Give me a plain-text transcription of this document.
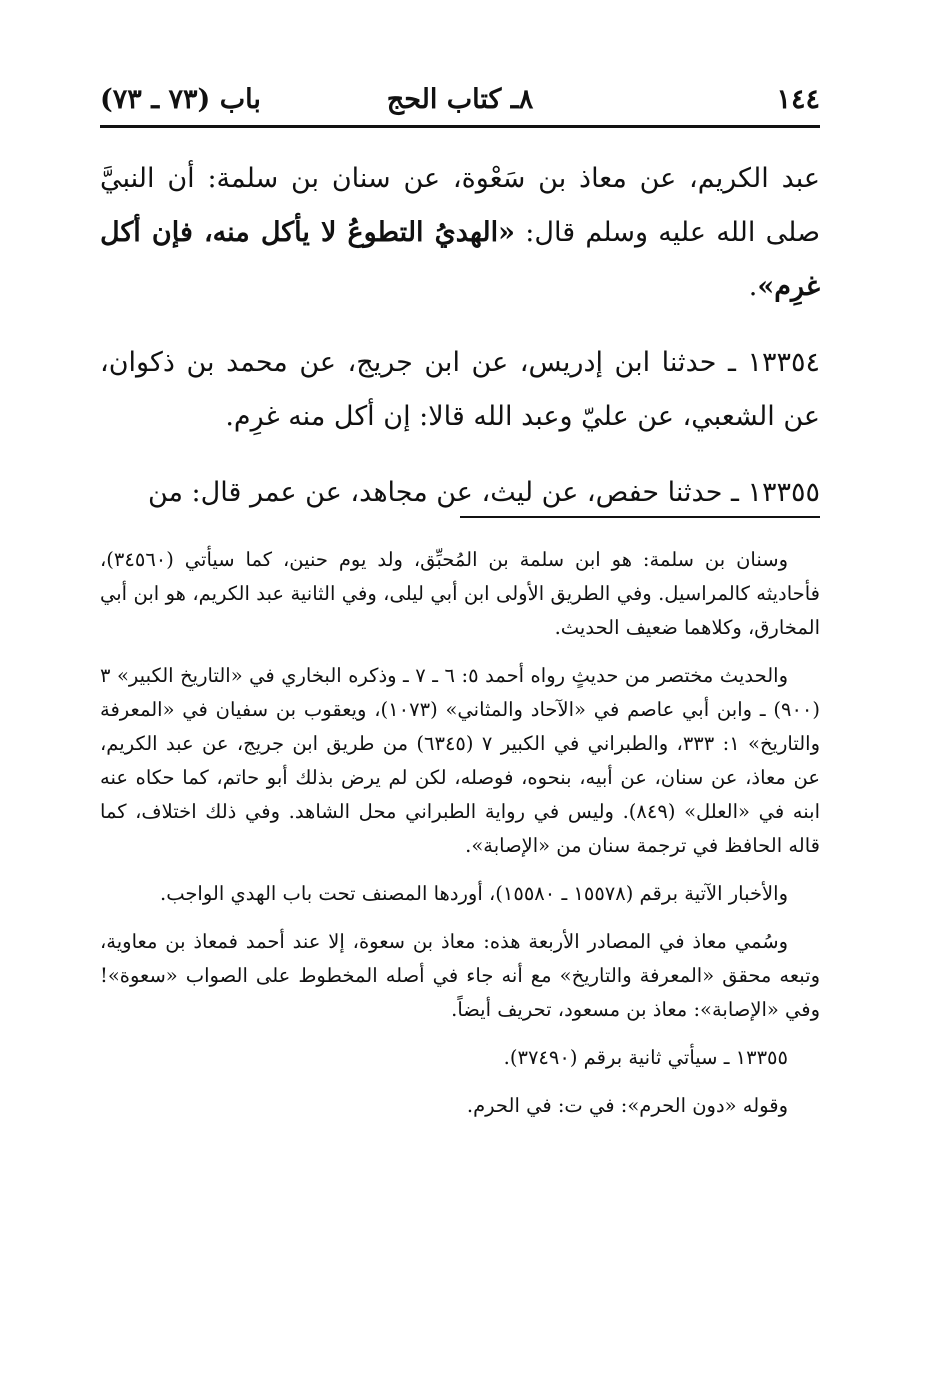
١٤٤
٨ـ كتاب الحج
باب (٧٣ ـ ٧٣)

عبد الكريم، عن معاذ بن سَعْوة، عن سنان بن سلمة: أن النبيَّ صلى الله عليه وسلم قال: «الهديُ التطوعُ لا يأكل منه، فإن أكل غرِم».

١٣٣٥٤ ـ حدثنا ابن إدريس، عن ابن جريج، عن محمد بن ذكوان، عن الشعبي، عن عليّ وعبد الله قالا: إن أكل منه غرِم.

١٣٣٥٥ ـ حدثنا حفص، عن ليث، عن مجاهد، عن عمر قال: من

وسنان بن سلمة: هو ابن سلمة بن المُحبِّق، ولد يوم حنين، كما سيأتي (٣٤٥٦٠)، فأحاديثه كالمراسيل. وفي الطريق الأولى ابن أبي ليلى، وفي الثانية عبد الكريم، هو ابن أبي المخارق، وكلاهما ضعيف الحديث.

والحديث مختصر من حديثٍ رواه أحمد ٥: ٦ ـ ٧ ـ وذكره البخاري في «التاريخ الكبير» ٣ (٩٠٠) ـ وابن أبي عاصم في «الآحاد والمثاني» (١٠٧٣)، ويعقوب بن سفيان في «المعرفة والتاريخ» ١: ٣٣٣، والطبراني في الكبير ٧ (٦٣٤٥) من طريق ابن جريج، عن عبد الكريم، عن معاذ، عن سنان، عن أبيه، بنحوه، فوصله، لكن لم يرض بذلك أبو حاتم، كما حكاه عنه ابنه في «العلل» (٨٤٩). وليس في رواية الطبراني محل الشاهد. وفي ذلك اختلاف، كما قاله الحافظ في ترجمة سنان من «الإصابة».

والأخبار الآتية برقم (١٥٥٧٨ ـ ١٥٥٨٠)، أوردها المصنف تحت باب الهدي الواجب.

وسُمي معاذ في المصادر الأربعة هذه: معاذ بن سعوة، إلا عند أحمد فمعاذ بن معاوية، وتبعه محقق «المعرفة والتاريخ» مع أنه جاء في أصله المخطوط على الصواب «سعوة»! وفي «الإصابة»: معاذ بن مسعود، تحريف أيضاً.

١٣٣٥٥ ـ سيأتي ثانية برقم (٣٧٤٩٠).

وقوله «دون الحرم»: في ت: في الحرم.
